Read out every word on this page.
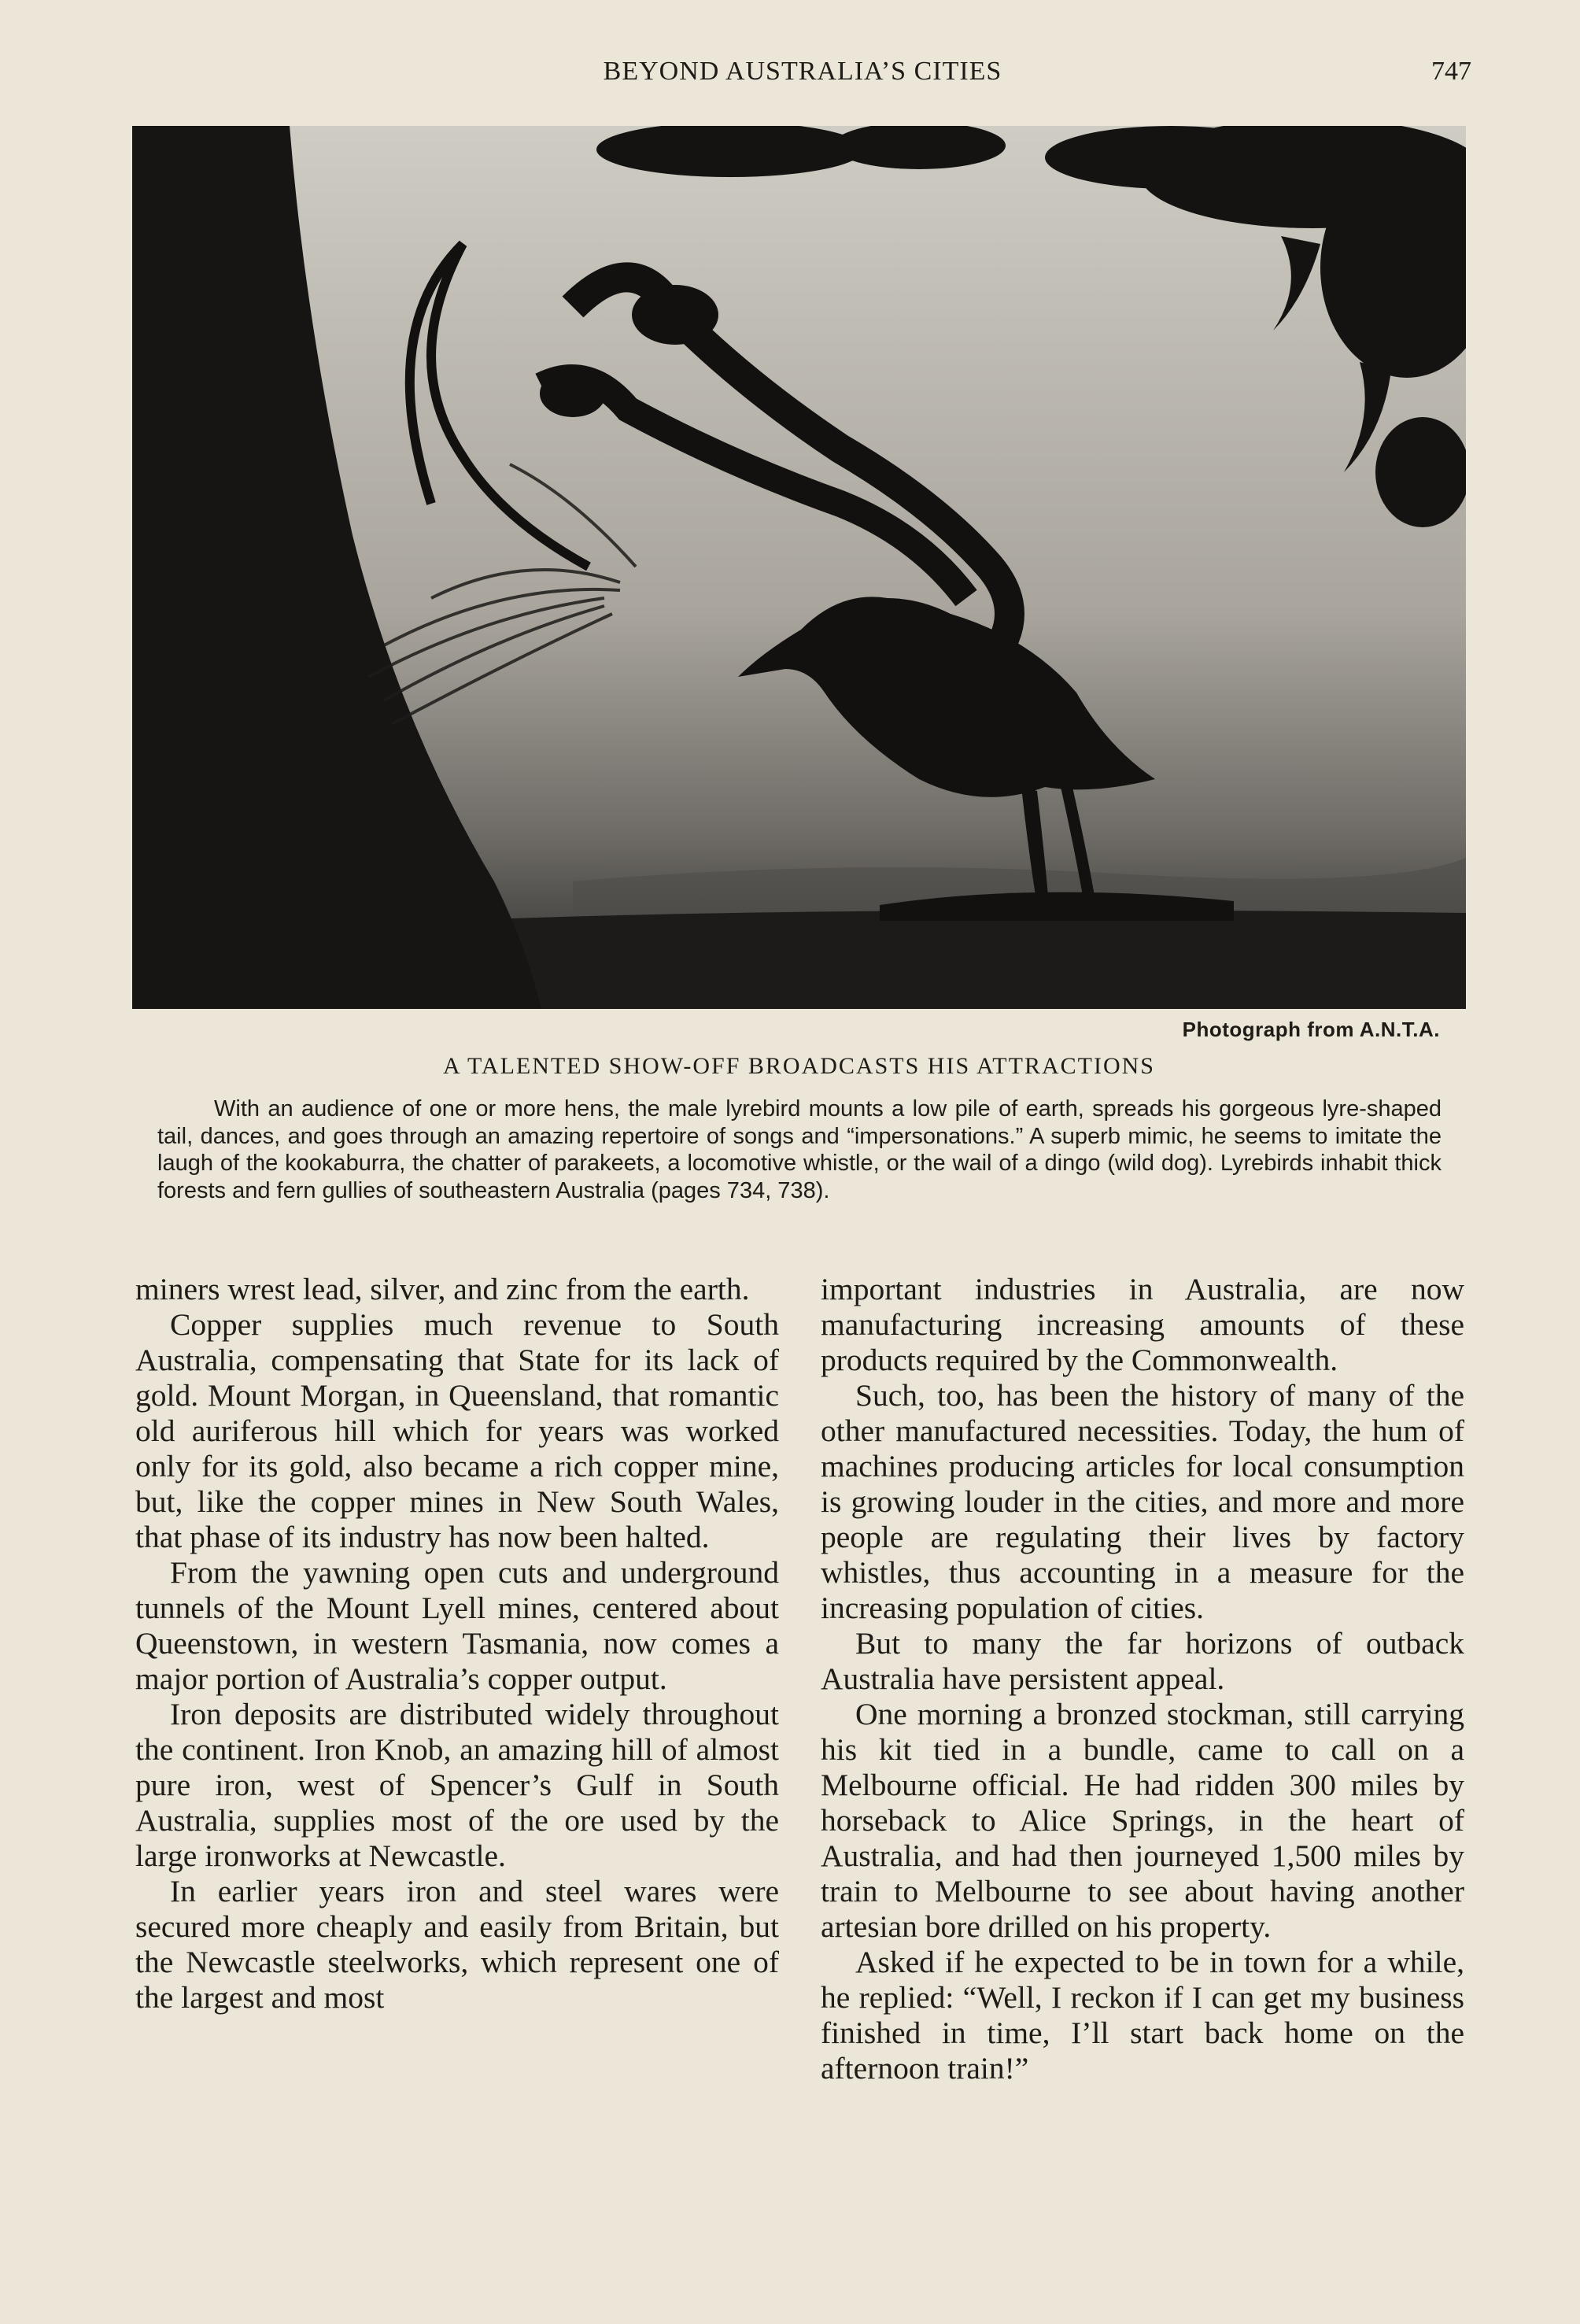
BEYOND AUSTRALIA’S CITIES	747
Photograph from A.N.T.A.
A TALENTED SHOW-OFF BROADCASTS HIS ATTRACTIONS

With an audience of one or more hens, the male lyrebird mounts a low pile of earth, spreads his gorgeous lyre-shaped tail, dances, and goes through an amazing repertoire of songs and “impersonations.” A superb mimic, he seems to imitate the laugh of the kookaburra, the chatter of parakeets, a locomotive whistle, or the wail of a dingo (wild dog). Lyrebirds inhabit thick forests and fern gullies of southeastern Australia (pages 734, 738).

miners wrest lead, silver, and zinc from the earth.

Copper supplies much revenue to South Australia, compensating that State for its lack of gold. Mount Morgan, in Queensland, that romantic old auriferous hill which for years was worked only for its gold, also became a rich copper mine, but, like the copper mines in New South Wales, that phase of its industry has now been halted.

From the yawning open cuts and underground tunnels of the Mount Lyell mines, centered about Queenstown, in western Tasmania, now comes a major portion of Australia’s copper output.

Iron deposits are distributed widely throughout the continent. Iron Knob, an amazing hill of almost pure iron, west of Spencer’s Gulf in South Australia, supplies most of the ore used by the large ironworks at Newcastle.

In earlier years iron and steel wares were secured more cheaply and easily from Britain, but the Newcastle steelworks, which represent one of the largest and most

important industries in Australia, are now manufacturing increasing amounts of these products required by the Commonwealth.

Such, too, has been the history of many of the other manufactured necessities. Today, the hum of machines producing articles for local consumption is growing louder in the cities, and more and more people are regulating their lives by factory whistles, thus accounting in a measure for the increasing population of cities.

But to many the far horizons of outback Australia have persistent appeal.

One morning a bronzed stockman, still carrying his kit tied in a bundle, came to call on a Melbourne official. He had ridden 300 miles by horseback to Alice Springs, in the heart of Australia, and had then journeyed 1,500 miles by train to Melbourne to see about having another artesian bore drilled on his property.

Asked if he expected to be in town for a while, he replied: “Well, I reckon if I can get my business finished in time, I’ll start back home on the afternoon train!”
